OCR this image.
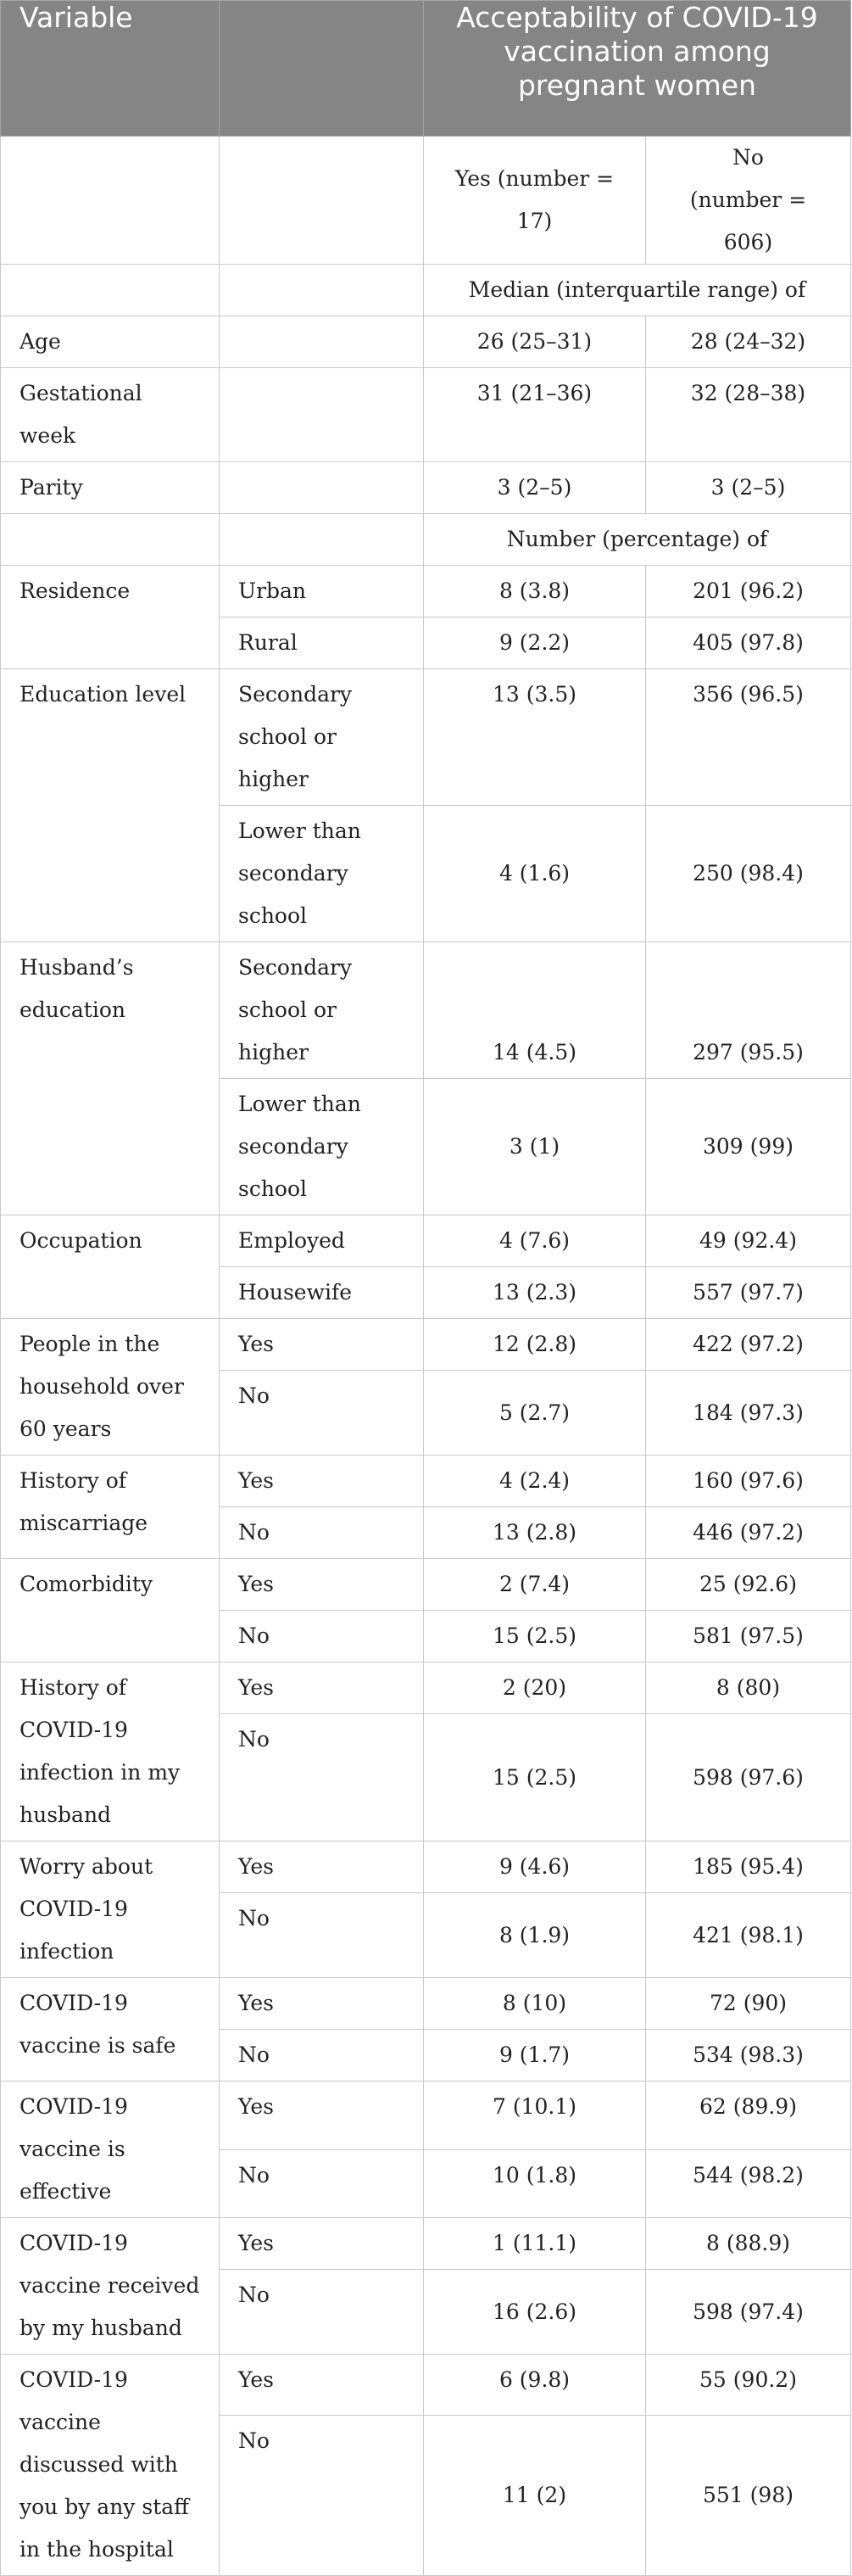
Variable		Acceptability of COVID-19 vaccination among pregnant women	
		Yes (number = 17)	No
(number = 606)
		Median (interquartile range) of	
Age		26 (25–31)	28 (24–32)
Gestational week		31 (21–36)	32 (28–38)
Parity		3 (2–5)	3 (2–5)
		Number (percentage) of	
Residence	Urban	8 (3.8)	201 (96.2)
	Rural	9 (2.2)	405 (97.8)
Education level	Secondary school or higher	13 (3.5)	356 (96.5)
	Lower than secondary school	4 (1.6)	250 (98.4)
Husband’s education	Secondary school or higher	14 (4.5)	297 (95.5)
	Lower than secondary school	3 (1)	309 (99)
Occupation	Employed	4 (7.6)	49 (92.4)
	Housewife	13 (2.3)	557 (97.7)
People in the household over 60 years	Yes	12 (2.8)	422 (97.2)
	No	5 (2.7)	184 (97.3)
History of miscarriage	Yes	4 (2.4)	160 (97.6)
	No	13 (2.8)	446 (97.2)
Comorbidity	Yes	2 (7.4)	25 (92.6)
	No	15 (2.5)	581 (97.5)
History of COVID-19 infection in my husband	Yes	2 (20)	8 (80)
	No	15 (2.5)	598 (97.6)
Worry about COVID-19 infection	Yes	9 (4.6)	185 (95.4)
	No	8 (1.9)	421 (98.1)
COVID-19 vaccine is safe	Yes	8 (10)	72 (90)
	No	9 (1.7)	534 (98.3)
COVID-19 vaccine is effective	Yes	7 (10.1)	62 (89.9)
	No	10 (1.8)	544 (98.2)
COVID-19 vaccine received by my husband	Yes	1 (11.1)	8 (88.9)
	No	16 (2.6)	598 (97.4)
COVID-19 vaccine discussed with you by any staff in the hospital	Yes	6 (9.8)	55 (90.2)
	No	11 (2)	551 (98)
